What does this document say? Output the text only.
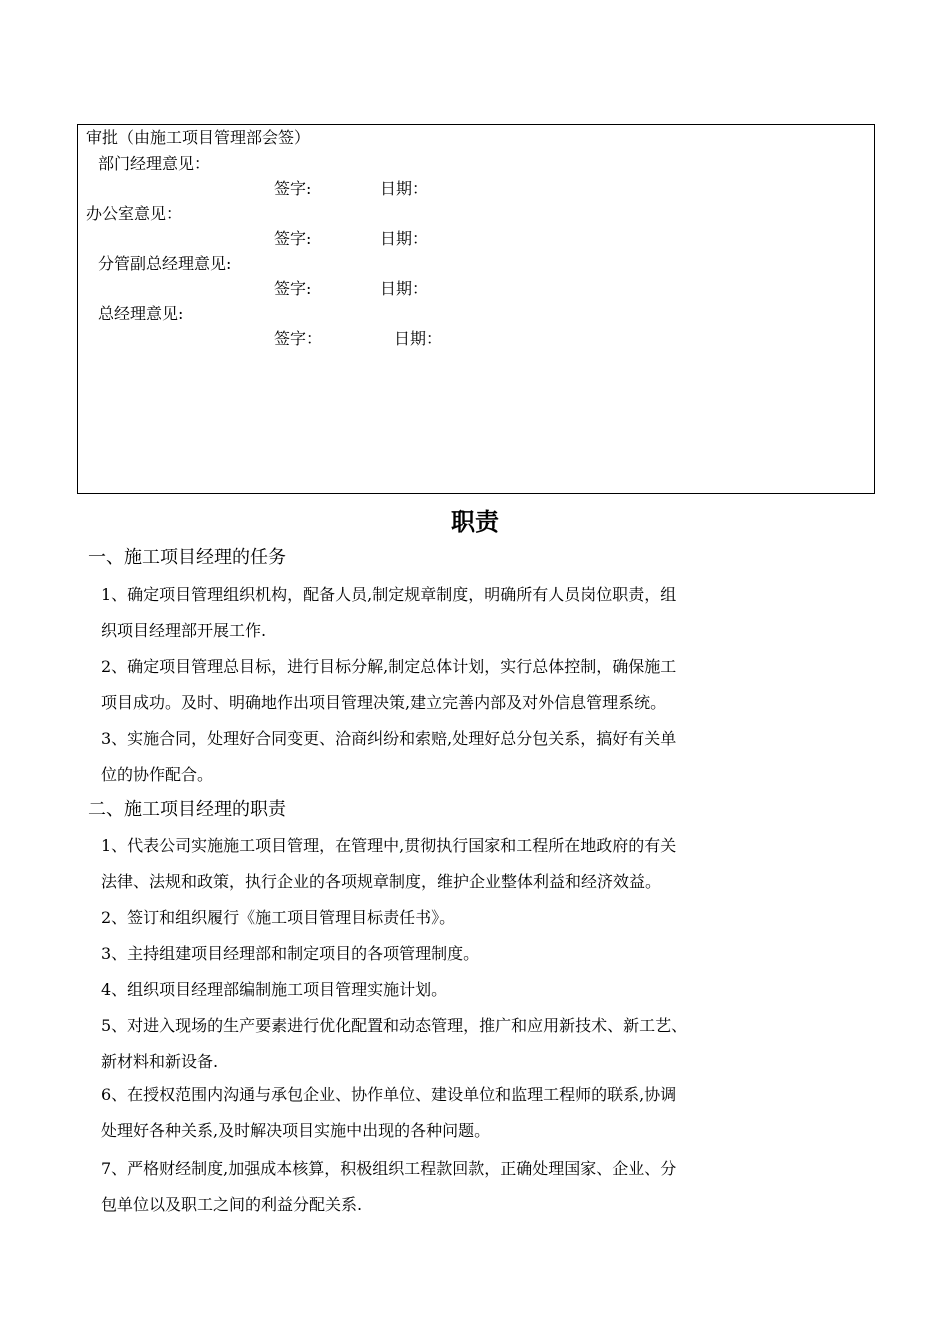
审批（由施工项目管理部会签）
部门经理意见：
签字:	日期：
办公室意见：
签字:	日期：
分管副总经理意见:
签字:	日期：
总经理意见:
签字：	日期：
职责
一、施工项目经理的任务
1、确定项目管理组织机构，配备人员,制定规章制度，明确所有人员岗位职责，组
织项目经理部开展工作.
2、确定项目管理总目标，进行目标分解,制定总体计划，实行总体控制，确保施工
项目成功。及时、明确地作出项目管理决策,建立完善内部及对外信息管理系统。
3、实施合同，处理好合同变更、洽商纠纷和索赔,处理好总分包关系，搞好有关单
位的协作配合。
二、施工项目经理的职责
1、代表公司实施施工项目管理，在管理中,贯彻执行国家和工程所在地政府的有关
法律、法规和政策，执行企业的各项规章制度，维护企业整体利益和经济效益。
2、签订和组织履行《施工项目管理目标责任书》。
3、主持组建项目经理部和制定项目的各项管理制度。
4、组织项目经理部编制施工项目管理实施计划。
5、对进入现场的生产要素进行优化配置和动态管理，推广和应用新技术、新工艺、
新材料和新设备.
6、在授权范围内沟通与承包企业、协作单位、建设单位和监理工程师的联系,协调
处理好各种关系,及时解决项目实施中出现的各种问题。
7、严格财经制度,加强成本核算，积极组织工程款回款，正确处理国家、企业、分
包单位以及职工之间的利益分配关系.
